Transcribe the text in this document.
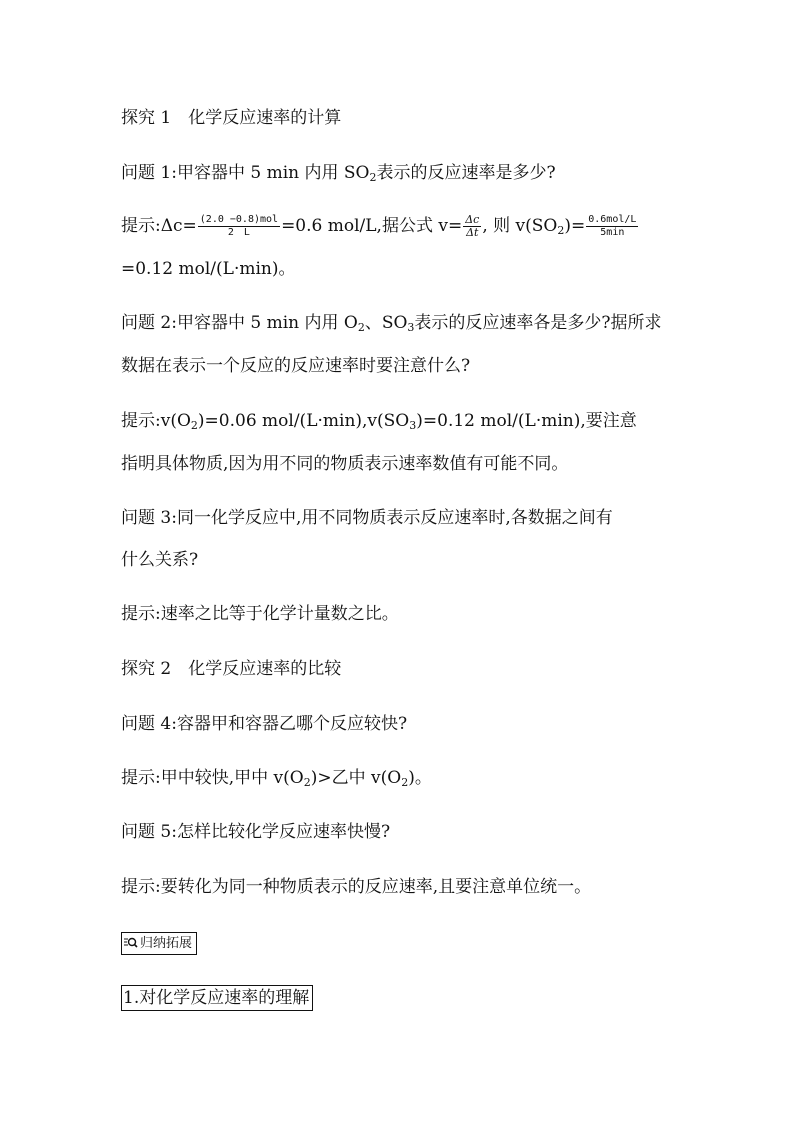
探究 1　化学反应速率的计算
问题 1:甲容器中 5 min 内用 $SO_2$表示的反应速率是多少?
提示:Δc= $\frac{\text{(2.0 −0.8)mol}}{2 L} =0.6$ mol/L,据公式 $v= \frac{\Delta c}{\Delta t}$ , 则 $v(SO_2)= \frac{\text{0.6mol/L}}{5\min}$
=0.12 mol/(L·min)。
问题 2:甲容器中 5 min 内用 $O_2$、$SO_3$表示的反应速率各是多少?据所求
数据在表示一个反应的反应速率时要注意什么?
提示$:v(O_2)=0.06$ mol/$(L\cdot\min),v(SO_3)=0.12$ mol/(L·min),要注意
指明具体物质,因为用不同的物质表示速率数值有可能不同。
问题 3:同一化学反应中,用不同物质表示反应速率时,各数据之间有
什么关系?
提示:速率之比等于化学计量数之比。
探究 2　化学反应速率的比较
问题 4:容器甲和容器乙哪个反应较快?
提示:甲中较快,甲中 $v(O_2)>$乙中 $v(O_2)$。
问题 5:怎样比较化学反应速率快慢?
提示:要转化为同一种物质表示的反应速率,且要注意单位统一。
归纳拓展
1.对化学反应速率的理解
